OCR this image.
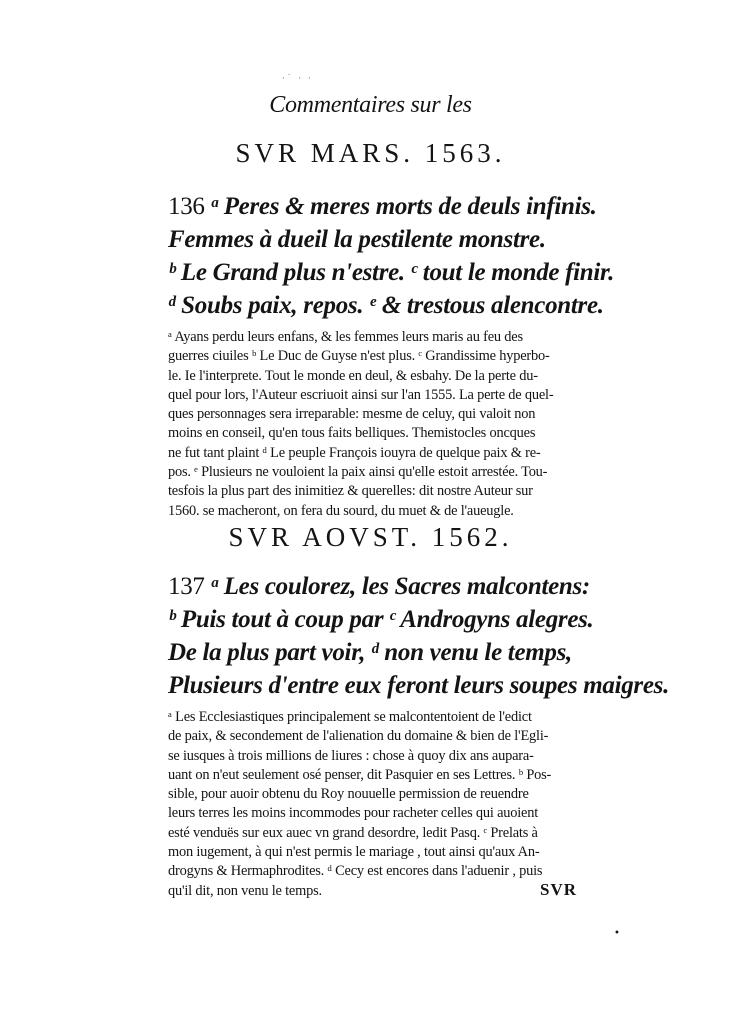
·˙ · ·
Commentaires sur les
SVR MARS. 1563.
136 ᵃ Peres & meres morts de deuls infinis.
Femmes à dueil la pestilente monstre.
ᵇ Le Grand plus n'estre. ᶜ tout le monde finir.
ᵈ Soubs paix, repos. ᵉ & trestous alencontre.
ᵃ Ayans perdu leurs enfans, & les femmes leurs maris au feu des
guerres ciuiles ᵇ Le Duc de Guyse n'est plus. ᶜ Grandissime hyperbo-
le. Ie l'interprete. Tout le monde en deul, & esbahy. De la perte du-
quel pour lors, l'Auteur escriuoit ainsi sur l'an 1555. La perte de quel-
ques personnages sera irreparable: mesme de celuy, qui valoit non
moins en conseil, qu'en tous faits belliques. Themistocles oncques
ne fut tant plaint ᵈ Le peuple François iouyra de quelque paix & re-
pos. ᵉ Plusieurs ne vouloient la paix ainsi qu'elle estoit arrestée. Tou-
tesfois la plus part des inimitiez & querelles: dit nostre Auteur sur
1560. se macheront, on fera du sourd, du muet & de l'aueugle.
SVR AOVST. 1562.
137 ᵃ Les coulorez, les Sacres malcontens:
ᵇ Puis tout à coup par ᶜ Androgyns alegres.
De la plus part voir, ᵈ non venu le temps,
Plusieurs d'entre eux feront leurs soupes maigres.
ᵃ Les Ecclesiastiques principalement se malcontentoient de l'edict
de paix, & secondement de l'alienation du domaine & bien de l'Egli-
se iusques à trois millions de liures : chose à quoy dix ans aupara-
uant on n'eut seulement osé penser, dit Pasquier en ses Lettres. ᵇ Pos-
sible, pour auoir obtenu du Roy nouuelle permission de reuendre
leurs terres les moins incommodes pour racheter celles qui auoient
esté venduës sur eux auec vn grand desordre, ledit Pasq. ᶜ Prelats à
mon iugement, à qui n'est permis le mariage , tout ainsi qu'aux An-
drogyns & Hermaphrodites. ᵈ Cecy est encores dans l'aduenir , puis
qu'il dit, non venu le temps.	SVR
•
